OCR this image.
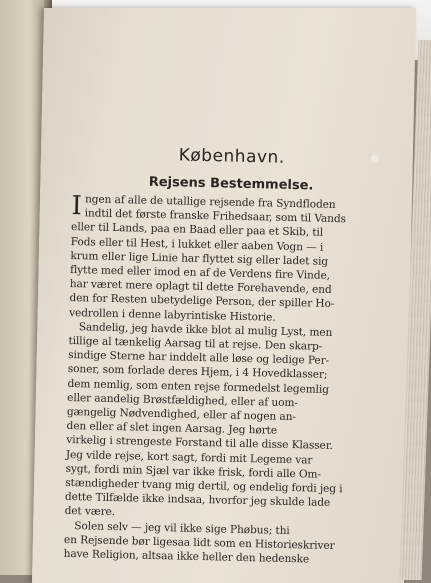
København.
Rejsens Bestemmelse.
I ngen af alle de utallige rejsende fra Syndfloden
indtil det første franske Frihedsaar, som til Vands
eller til Lands, paa en Baad eller paa et Skib, til
Fods eller til Hest, i lukket eller aaben Vogn — i
krum eller lige Linie har flyttet sig eller ladet sig
flytte med eller imod en af de Verdens fire Vinde,
har været mere oplagt til dette Forehavende, end
den for Resten ubetydelige Person, der spiller Ho-
vedrollen i denne labyrintiske Historie.
Sandelig, jeg havde ikke blot al mulig Lyst, men
tillige al tænkelig Aarsag til at rejse. Den skarp-
sindige Sterne har inddelt alle løse og ledige Per-
soner, som forlade deres Hjem, i 4 Hovedklasser;
dem nemlig, som enten rejse formedelst legemlig
eller aandelig Brøstfældighed, eller af uom-
gængelig Nødvendighed, eller af nogen an-
den eller af slet ingen Aarsag. Jeg hørte
virkelig i strengeste Forstand til alle disse Klasser.
Jeg vilde rejse, kort sagt, fordi mit Legeme var
sygt, fordi min Sjæl var ikke frisk, fordi alle Om-
stændigheder tvang mig dertil, og endelig fordi jeg i
dette Tilfælde ikke indsaa, hvorfor jeg skulde lade
det være.
Solen selv — jeg vil ikke sige Phøbus; thi
en Rejsende bør ligesaa lidt som en Historieskriver
have Religion, altsaa ikke heller den hedenske
